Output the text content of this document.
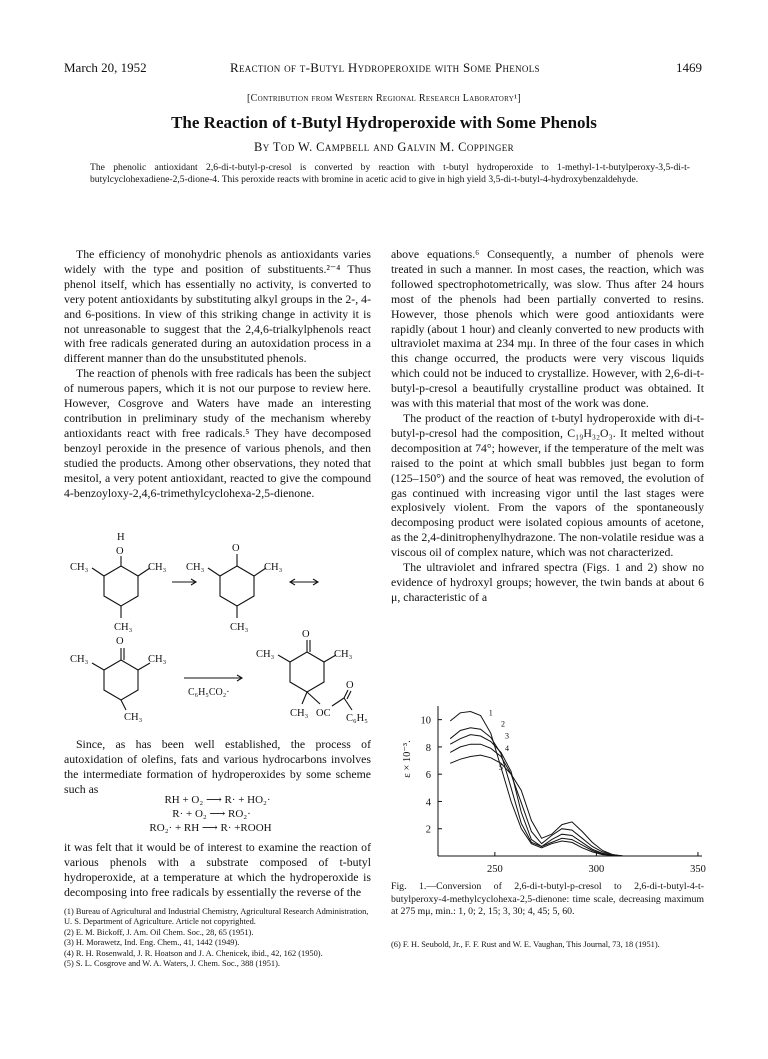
March 20, 1952	Reaction of t-Butyl Hydroperoxide with Some Phenols	1469
[Contribution from Western Regional Research Laboratory¹]
The Reaction of t-Butyl Hydroperoxide with Some Phenols
By Tod W. Campbell and Galvin M. Coppinger
The phenolic antioxidant 2,6-di-t-butyl-p-cresol is converted by reaction with t-butyl hydroperoxide to 1-methyl-1-t-butylperoxy-3,5-di-t-butylcyclohexadiene-2,5-dione-4. This peroxide reacts with bromine in acetic acid to give in high yield 3,5-di-t-butyl-4-hydroxybenzaldehyde.

The efficiency of monohydric phenols as antioxidants varies widely with the type and position of substituents.²⁻⁴ Thus phenol itself, which has essentially no activity, is converted to very potent antioxidants by substituting alkyl groups in the 2-, 4- and 6-positions. In view of this striking change in activity it is not unreasonable to suggest that the 2,4,6-trialkylphenols react with free radicals generated during an autoxidation process in a different manner than do the unsubstituted phenols.

The reaction of phenols with free radicals has been the subject of numerous papers, which it is not our purpose to review here. However, Cosgrove and Waters have made an interesting contribution in preliminary study of the mechanism whereby antioxidants react with free radicals.⁵ They have decomposed benzoyl peroxide in the presence of various phenols, and then studied the products. Among other observations, they noted that mesitol, a very potent antioxidant, reacted to give the compound 4-benzoyloxy-2,4,6-trimethylcyclohexa-2,5-dienone.

H
O
CH₃	CH₃
CH₃
O
CH₃	CH₃
CH₃
O
CH₃	CH₃
CH₃
C₆H₅CO₂·
O
CH₃	CH₃
CH₃ OC
O
C₆H₅

Since, as has been well established, the process of autoxidation of olefins, fats and various hydrocarbons involves the intermediate formation of hydroperoxides by some scheme such as

RH + O₂ ⟶ R· + HO₂·
R· + O₂ ⟶ RO₂·
RO₂· + RH ⟶ R· +ROOH

it was felt that it would be of interest to examine the reaction of various phenols with a substrate composed of t-butyl hydroperoxide, at a temperature at which the hydroperoxide is decomposing into free radicals by essentially the reverse of the

(1) Bureau of Agricultural and Industrial Chemistry, Agricultural Research Administration, U. S. Department of Agriculture. Article not copyrighted.
(2) E. M. Bickoff, J. Am. Oil Chem. Soc., 28, 65 (1951).
(3) H. Morawetz, Ind. Eng. Chem., 41, 1442 (1949).
(4) R. H. Rosenwald, J. R. Hoatson and J. A. Chenicek, ibid., 42, 162 (1950).
(5) S. L. Cosgrove and W. A. Waters, J. Chem. Soc., 388 (1951).

above equations.⁶ Consequently, a number of phenols were treated in such a manner. In most cases, the reaction, which was followed spectrophotometrically, was slow. Thus after 24 hours most of the phenols had been partially converted to resins. However, those phenols which were good antioxidants were rapidly (about 1 hour) and cleanly converted to new products with ultraviolet maxima at 234 mμ. In three of the four cases in which this change occurred, the products were very viscous liquids which could not be induced to crystallize. However, with 2,6-di-t-butyl-p-cresol a beautifully crystalline product was obtained. It was with this material that most of the work was done.

The product of the reaction of t-butyl hydroperoxide with di-t-butyl-p-cresol had the composition, C₁₉H₃₂O₃. It melted without decomposition at 74°; however, if the temperature of the melt was raised to the point at which small bubbles just began to form (125–150°) and the source of heat was removed, the evolution of gas continued with increasing vigor until the last stages were explosively violent. From the vapors of the spontaneously decomposing product were isolated copious amounts of acetone, as the 2,4-dinitrophenylhydrazone. The non-volatile residue was a viscous oil of complex nature, which was not characterized.

The ultraviolet and infrared spectra (Figs. 1 and 2) show no evidence of hydroxyl groups; however, the twin bands at about 6 μ, characteristic of a

10
8
6
4
2
250	300	350
ε × 10⁻³.
1
2
3
4
5
Fig. 1.—Conversion of 2,6-di-t-butyl-p-cresol to 2,6-di-t-butyl-4-t-butylperoxy-4-methylcyclohexa-2,5-dienone: time scale, decreasing maximum at 275 mμ, min.: 1, 0; 2, 15; 3, 30; 4, 45; 5, 60.
(6) F. H. Seubold, Jr., F. F. Rust and W. E. Vaughan, This Journal, 73, 18 (1951).
